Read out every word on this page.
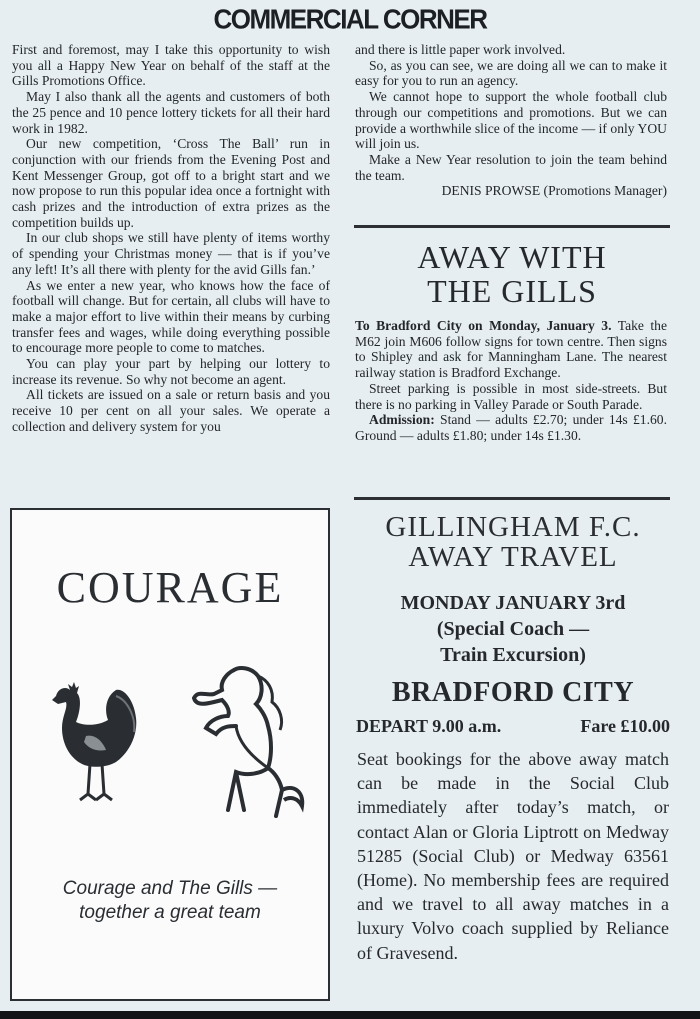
COMMERCIAL CORNER

First and foremost, may I take this opportunity to wish you all a Happy New Year on behalf of the staff at the Gills Promotions Office.

May I also thank all the agents and customers of both the 25 pence and 10 pence lottery tickets for all their hard work in 1982.

Our new competition, ‘Cross The Ball’ run in conjunction with our friends from the Evening Post and Kent Messenger Group, got off to a bright start and we now propose to run this popular idea once a fortnight with cash prizes and the introduction of extra prizes as the competition builds up.

In our club shops we still have plenty of items worthy of spending your Christmas money — that is if you’ve any left! It’s all there with plenty for the avid Gills fan.’

As we enter a new year, who knows how the face of football will change. But for certain, all clubs will have to make a major effort to live within their means by curbing transfer fees and wages, while doing everything possible to encourage more people to come to matches.

You can play your part by helping our lottery to increase its revenue. So why not become an agent.

All tickets are issued on a sale or return basis and you receive 10 per cent on all your sales. We operate a collection and delivery system for you

and there is little paper work involved.

So, as you can see, we are doing all we can to make it easy for you to run an agency.

We cannot hope to support the whole football club through our competitions and promotions. But we can provide a worthwhile slice of the income — if only YOU will join us.

Make a New Year resolution to join the team behind the team.

DENIS PROWSE (Promotions Manager)
AWAY WITH
THE GILLS

To Bradford City on Monday, January 3. Take the M62 join M606 follow signs for town centre. Then signs to Shipley and ask for Manningham Lane. The nearest railway station is Bradford Exchange.

Street parking is possible in most side-streets. But there is no parking in Valley Parade or South Parade.

Admission: Stand — adults £2.70; under 14s £1.60. Ground — adults £1.80; under 14s £1.30.

COURAGE
Courage and The Gills —
together a great team
GILLINGHAM F.C.
AWAY TRAVEL
MONDAY JANUARY 3rd
(Special Coach —
Train Excursion)
BRADFORD CITY
DEPART 9.00 a.m.	Fare £10.00
Seat bookings for the above away match can be made in the Social Club immediately after today’s match, or contact Alan or Gloria Liptrott on Medway 51285 (Social Club) or Medway 63561 (Home). No membership fees are required and we travel to all away matches in a luxury Volvo coach supplied by Reliance of Gravesend.
